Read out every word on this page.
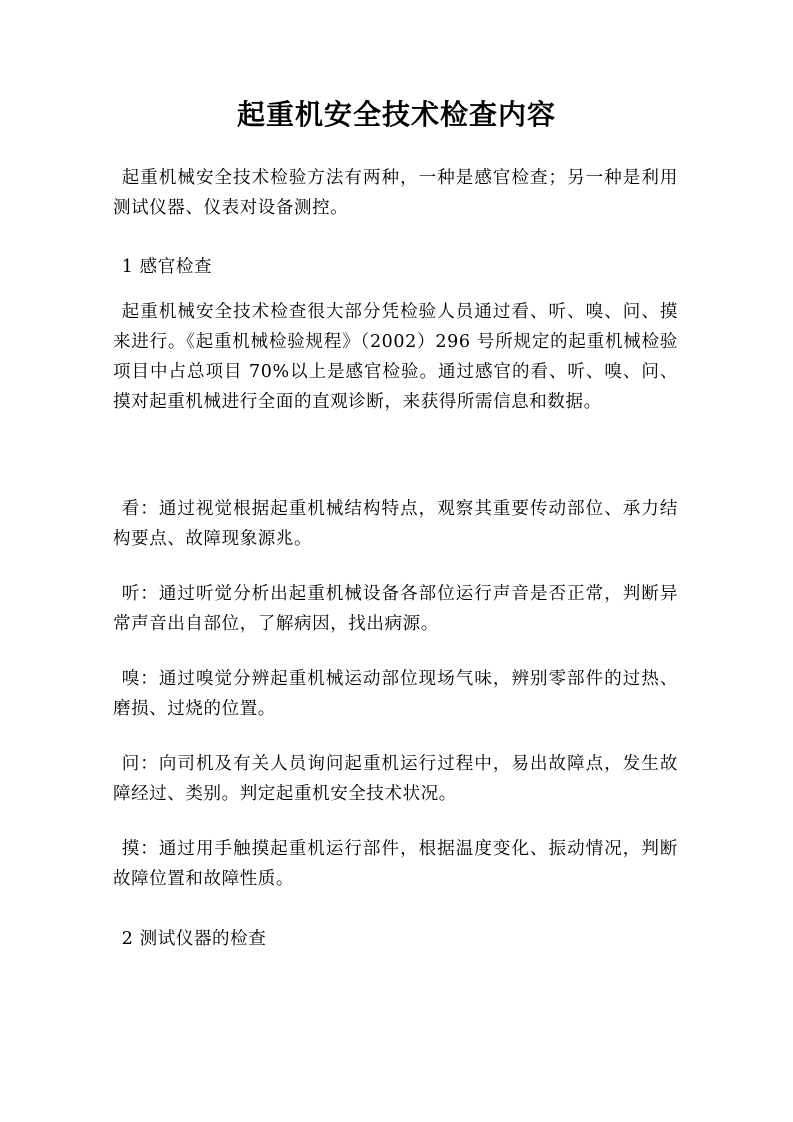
起重机安全技术检查内容

起重机械安全技术检验方法有两种，一种是感官检查；另一种是利用测试仪器、仪表对设备测控。

1 感官检查

起重机械安全技术检查很大部分凭检验人员通过看、听、嗅、问、摸来进行。《起重机械检验规程》（2002）296 号所规定的起重机械检验项目中占总项目 70%以上是感官检验。通过感官的看、听、嗅、问、摸对起重机械进行全面的直观诊断，来获得所需信息和数据。

看：通过视觉根据起重机械结构特点，观察其重要传动部位、承力结构要点、故障现象源兆。

听：通过听觉分析出起重机械设备各部位运行声音是否正常，判断异常声音出自部位，了解病因，找出病源。

嗅：通过嗅觉分辨起重机械运动部位现场气味，辨别零部件的过热、磨损、过烧的位置。

问：向司机及有关人员询问起重机运行过程中，易出故障点，发生故障经过、类别。判定起重机安全技术状况。

摸：通过用手触摸起重机运行部件，根据温度变化、振动情况，判断故障位置和故障性质。

2 测试仪器的检查
